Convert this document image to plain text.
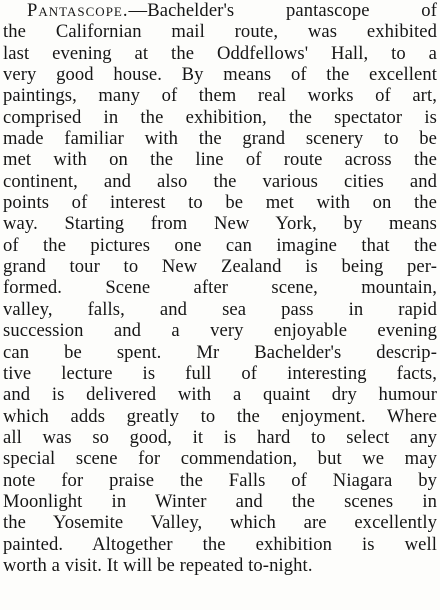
Pantascope.—Bachelder's pantascope of
the Californian mail route, was exhibited
last evening at the Oddfellows' Hall, to a
very good house. By means of the excellent
paintings, many of them real works of art,
comprised in the exhibition, the spectator is
made familiar with the grand scenery to be
met with on the line of route across the
continent, and also the various cities and
points of interest to be met with on the
way. Starting from New York, by means
of the pictures one can imagine that the
grand tour to New Zealand is being per-
formed. Scene after scene, mountain,
valley, falls, and sea pass in rapid
succession and a very enjoyable evening
can be spent. Mr Bachelder's descrip-
tive lecture is full of interesting facts,
and is delivered with a quaint dry humour
which adds greatly to the enjoyment. Where
all was so good, it is hard to select any
special scene for commendation, but we may
note for praise the Falls of Niagara by
Moonlight in Winter and the scenes in
the Yosemite Valley, which are excellently
painted. Altogether the exhibition is well
worth a visit. It will be repeated to-night.
